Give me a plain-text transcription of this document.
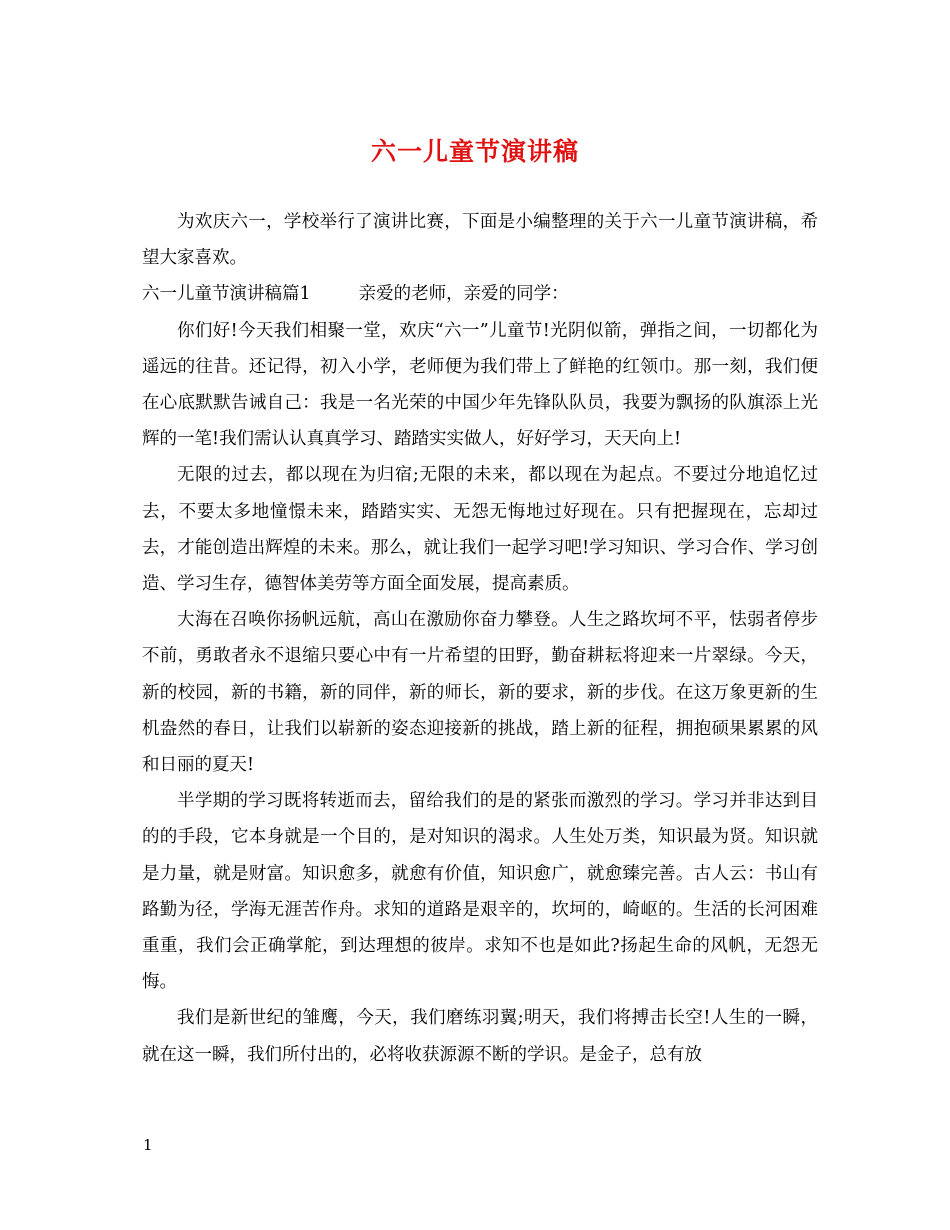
六一儿童节演讲稿

为欢庆六一，学校举行了演讲比赛，下面是小编整理的关于六一儿童节演讲稿，希望大家喜欢。

六一儿童节演讲稿篇1	亲爱的老师，亲爱的同学：

你们好!今天我们相聚一堂，欢庆“六一”儿童节!光阴似箭，弹指之间，一切都化为遥远的往昔。还记得，初入小学，老师便为我们带上了鲜艳的红领巾。那一刻，我们便在心底默默告诫自己：我是一名光荣的中国少年先锋队队员，我要为飘扬的队旗添上光辉的一笔!我们需认认真真学习、踏踏实实做人，好好学习，天天向上!

无限的过去，都以现在为归宿;无限的未来，都以现在为起点。不要过分地追忆过去，不要太多地憧憬未来，踏踏实实、无怨无悔地过好现在。只有把握现在，忘却过去，才能创造出辉煌的未来。那么，就让我们一起学习吧!学习知识、学习合作、学习创造、学习生存，德智体美劳等方面全面发展，提高素质。

大海在召唤你扬帆远航，高山在激励你奋力攀登。人生之路坎坷不平，怯弱者停步不前，勇敢者永不退缩只要心中有一片希望的田野，勤奋耕耘将迎来一片翠绿。今天，新的校园，新的书籍，新的同伴，新的师长，新的要求，新的步伐。在这万象更新的生机盎然的春日，让我们以崭新的姿态迎接新的挑战，踏上新的征程，拥抱硕果累累的风和日丽的夏天!

半学期的学习既将转逝而去，留给我们的是的紧张而激烈的学习。学习并非达到目的的手段，它本身就是一个目的，是对知识的渴求。人生处万类，知识最为贤。知识就是力量，就是财富。知识愈多，就愈有价值，知识愈广，就愈臻完善。古人云：书山有路勤为径，学海无涯苦作舟。求知的道路是艰辛的，坎坷的，崎岖的。生活的长河困难重重，我们会正确掌舵，到达理想的彼岸。求知不也是如此?扬起生命的风帆，无怨无悔。

我们是新世纪的雏鹰，今天，我们磨练羽翼;明天，我们将搏击长空!人生的一瞬，就在这一瞬，我们所付出的，必将收获源源不断的学识。是金子，总有放

1
